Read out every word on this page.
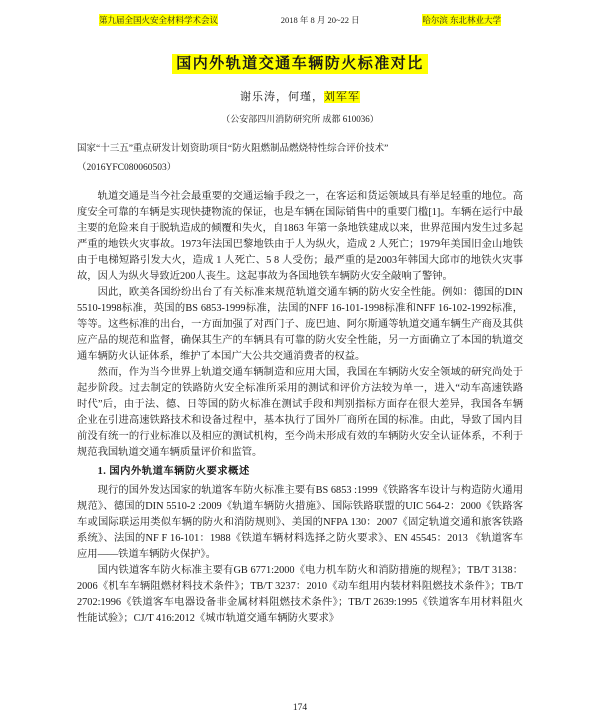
第九届全国火安全材料学术会议	2018 年 8 月 20~22 日	哈尔滨 东北林业大学
国内外轨道交通车辆防火标准对比
谢乐涛，何瑾，刘军军
（公安部四川消防研究所 成都 610036）
国家“十三五”重点研发计划资助项目“防火阻燃制品燃烧特性综合评价技术”
（2016YFC080060503）

轨道交通是当今社会最重要的交通运输手段之一，在客运和货运领域具有举足轻重的地位。高度安全可靠的车辆是实现快捷物流的保证，也是车辆在国际销售中的重要门槛[1]。车辆在运行中最主要的危险来自于脱轨造成的倾覆和失火，自1863 年第一条地铁建成以来，世界范围内发生过多起严重的地铁火灾事故。1973年法国巴黎地铁由于人为纵火，造成 2 人死亡；1979年美国旧金山地铁由于电梯短路引发大火，造成 1 人死亡、5 8 人受伤；最严重的是2003年韩国大邱市的地铁火灾事故，因人为纵火导致近200人丧生。这起事故为各国地铁车辆防火安全敲响了警钟。

因此，欧美各国纷纷出台了有关标准来规范轨道交通车辆的防火安全性能。例如：德国的DIN 5510-1998标准，英国的BS 6853-1999标准，法国的NFF 16-101-1998标准和NFF 16-102-1992标准，等等。这些标准的出台，一方面加强了对西门子、庞巴迪、阿尔斯通等轨道交通车辆生产商及其供应产品的规范和监督，确保其生产的车辆具有可靠的防火安全性能，另一方面确立了本国的轨道交通车辆防火认证体系，维护了本国广大公共交通消费者的权益。

然而，作为当今世界上轨道交通车辆制造和应用大国，我国在车辆防火安全领域的研究尚处于起步阶段。过去制定的铁路防火安全标准所采用的测试和评价方法较为单一，进入“动车高速铁路时代”后，由于法、德、日等国的防火标准在测试手段和判别指标方面存在很大差异，我国各车辆企业在引进高速铁路技术和设备过程中，基本执行了国外厂商所在国的标准。由此，导致了国内目前没有统一的行业标准以及相应的测试机构，至今尚未形成有效的车辆防火安全认证体系，不利于规范我国轨道交通车辆质量评价和监管。

1. 国内外轨道车辆防火要求概述

现行的国外发达国家的轨道客车防火标准主要有BS 6853 :1999《铁路客车设计与构造防火通用规范》、德国的DIN 5510-2 :2009《轨道车辆防火措施》、国际铁路联盟的UIC 564-2：2000《铁路客车或国际联运用类似车辆的防火和消防规则》、美国的NFPA 130：2007《固定轨道交通和旅客铁路系统》、法国的NF F 16-101：1988《铁道车辆材料选择之防火要求》、EN 45545：2013 《轨道客车应用——铁道车辆防火保护》。

国内铁道客车防火标准主要有GB 6771:2000《电力机车防火和消防措施的规程》；TB/T 3138：2006《机车车辆阻燃材料技术条件》；TB/T 3237：2010《动车组用内装材料阻燃技术条件》；TB/T 2702:1996《铁道客车电器设备非金属材料阻燃技术条件》；TB/T 2639:1995《铁道客车用材料阻火性能试验》；CJ/T 416:2012《城市轨道交通车辆防火要求》

174
